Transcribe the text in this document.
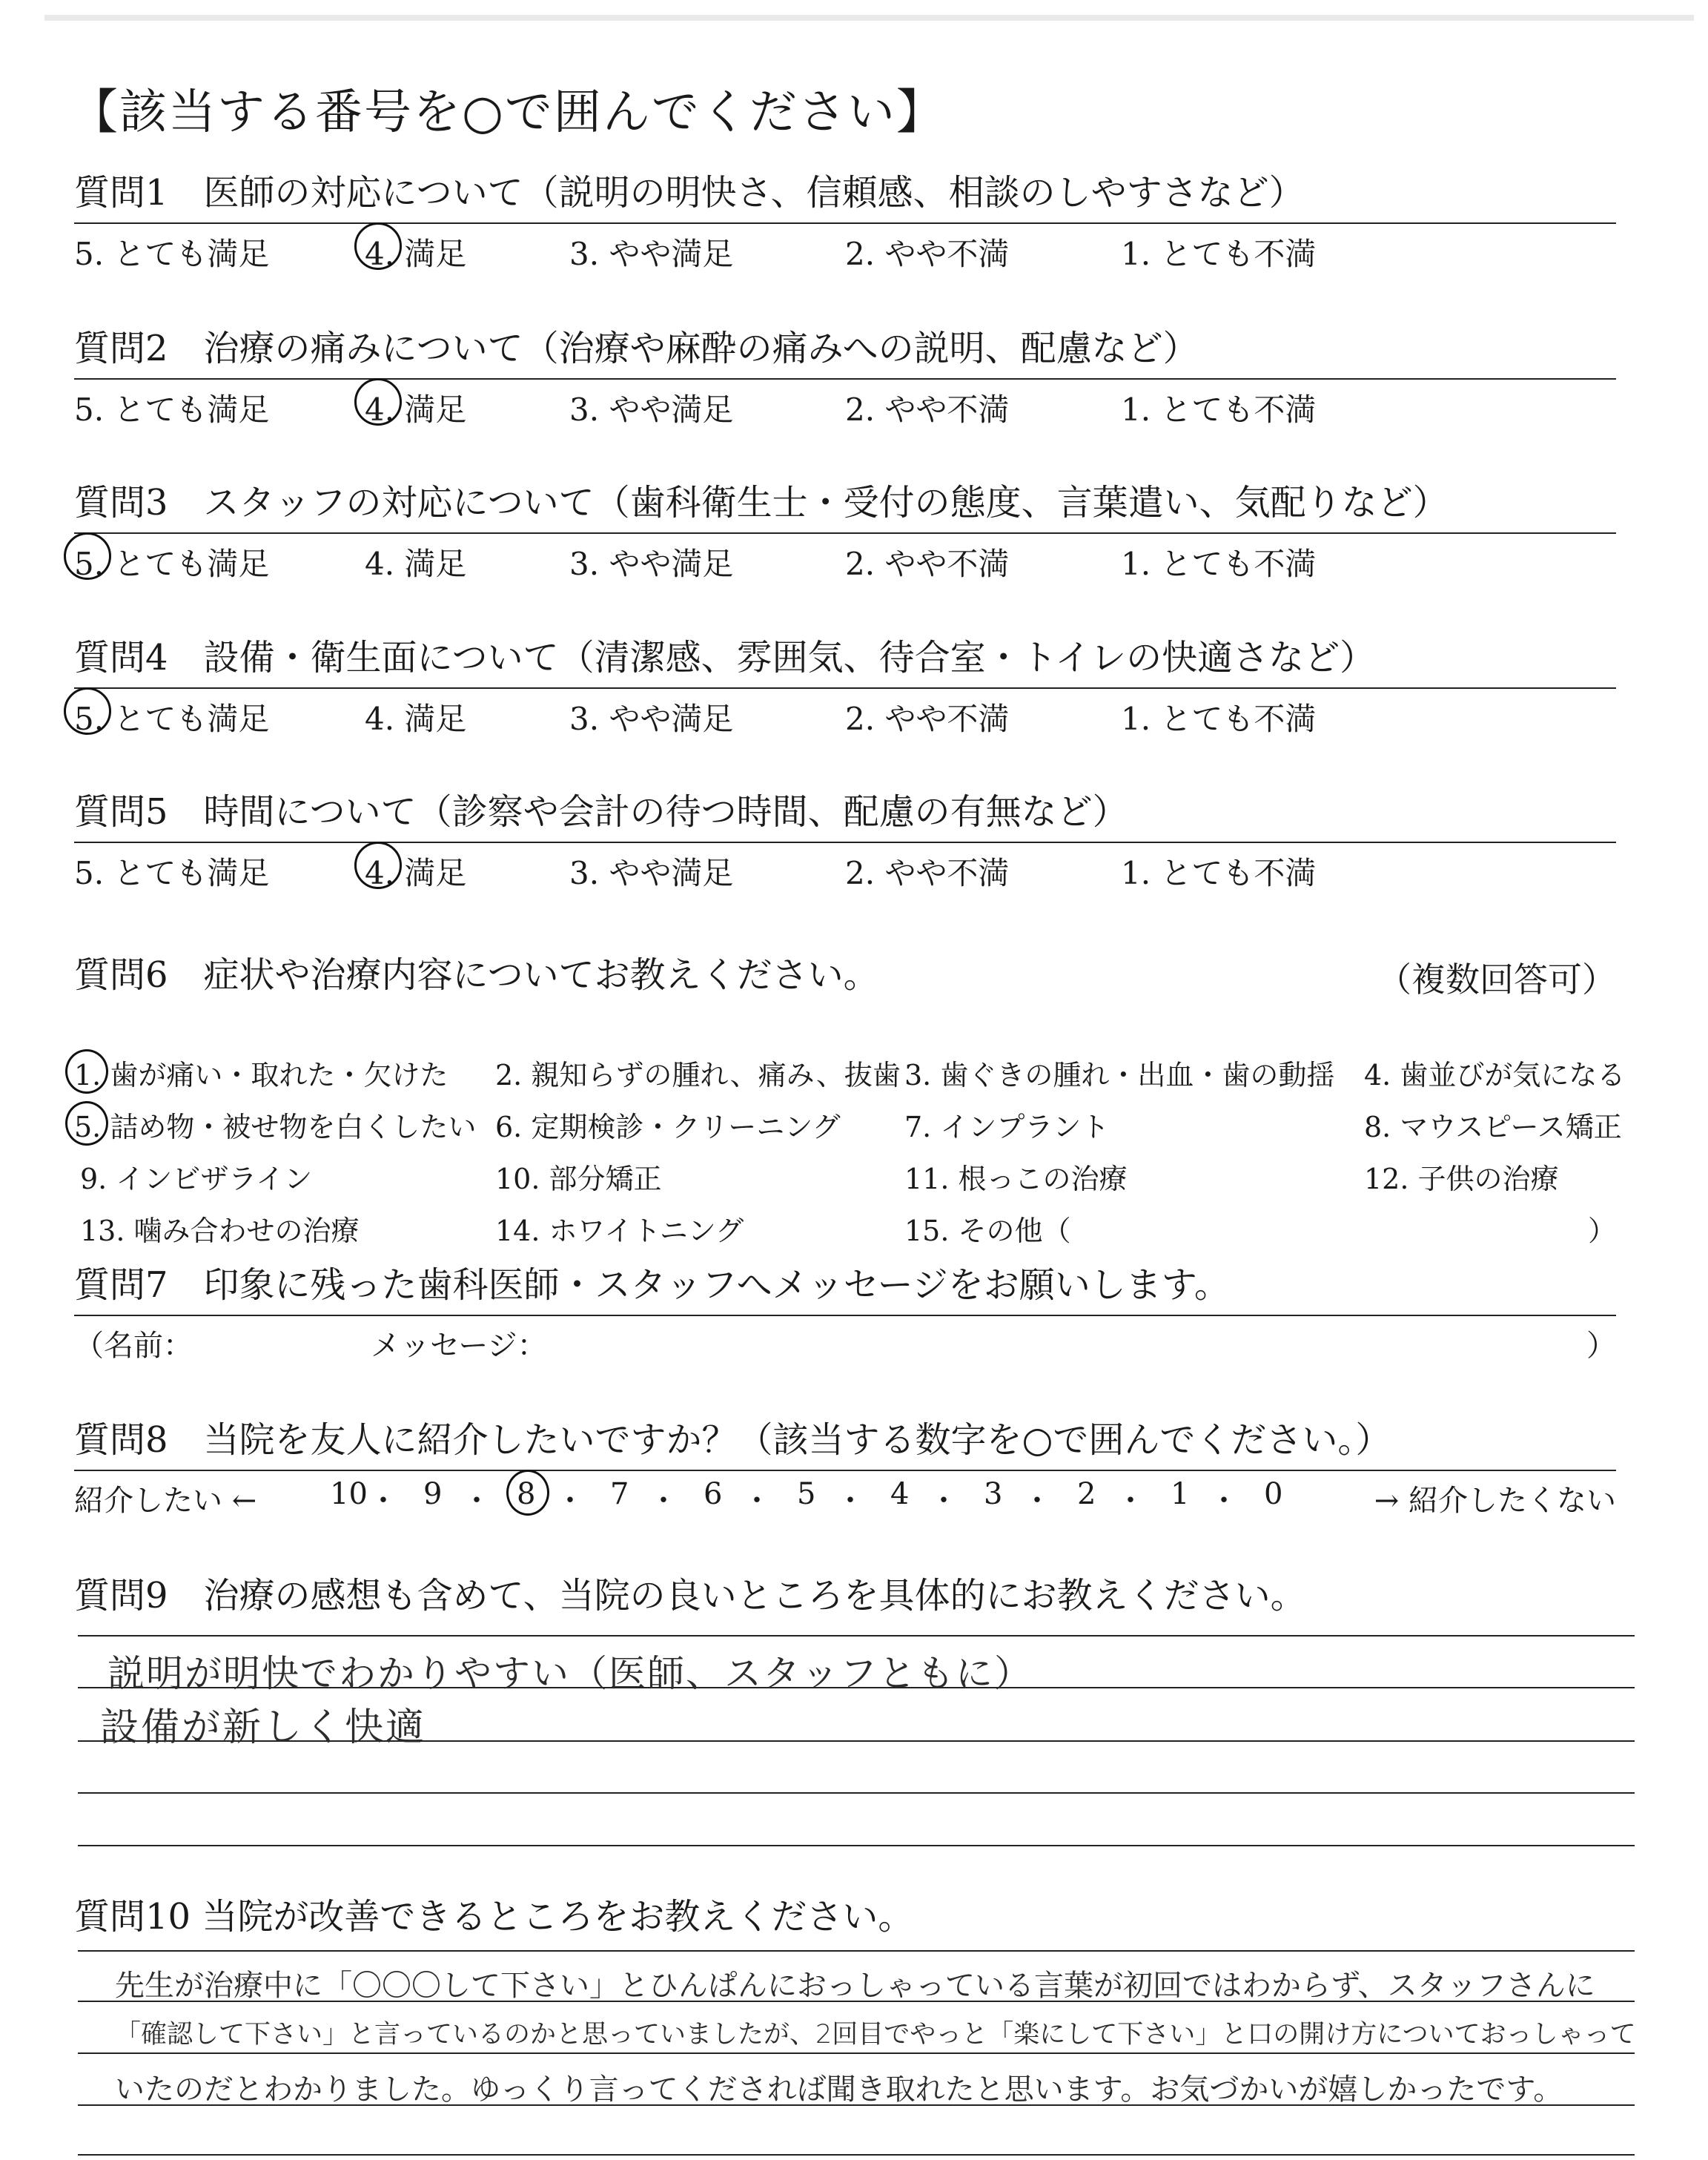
【該当する番号を○で囲んでください】
質問1　医師の対応について（説明の明快さ、信頼感、相談のしやすさなど）
5. とても満足	4. 満足	3. やや満足	2. やや不満	1. とても不満
質問2　治療の痛みについて（治療や麻酔の痛みへの説明、配慮など）
5. とても満足	4. 満足	3. やや満足	2. やや不満	1. とても不満
質問3　スタッフの対応について（歯科衛生士・受付の態度、言葉遣い、気配りなど）
5. とても満足	4. 満足	3. やや満足	2. やや不満	1. とても不満
質問4　設備・衛生面について（清潔感、雰囲気、待合室・トイレの快適さなど）
5. とても満足	4. 満足	3. やや満足	2. やや不満	1. とても不満
質問5　時間について（診察や会計の待つ時間、配慮の有無など）
5. とても満足	4. 満足	3. やや満足	2. やや不満	1. とても不満
質問6　症状や治療内容についてお教えください。	（複数回答可）
1. 歯が痛い・取れた・欠けた 2. 親知らずの腫れ、痛み、抜歯 3. 歯ぐきの腫れ・出血・歯の動揺 4. 歯並びが気になる
5. 詰め物・被せ物を白くしたい 6. 定期検診・クリーニング 7. インプラント	8. マウスピース矯正
9. インビザライン	10. 部分矯正	11. 根っこの治療	12. 子供の治療
13. 噛み合わせの治療	14. ホワイトニング	15. その他（	）
質問7　印象に残った歯科医師・スタッフへメッセージをお願いします。
（名前：	メッセージ：	）
質問8　当院を友人に紹介したいですか？（該当する数字を○で囲んでください。）
紹介したい ←	→ 紹介したくない
10 ・ 9 ・ 8 ・ 7 ・ 6 ・ 5 ・ 4 ・ 3 ・ 2 ・ 1 ・ 0
質問9　治療の感想も含めて、当院の良いところを具体的にお教えください。
説明が明快でわかりやすい（医師、スタッフともに）
設備が新しく快適
質問10 当院が改善できるところをお教えください。
先生が治療中に「〇〇〇して下さい」とひんぱんにおっしゃっている言葉が初回ではわからず、スタッフさんに
「確認して下さい」と言っているのかと思っていましたが、2回目でやっと「楽にして下さい」と口の開け方についておっしゃって
いたのだとわかりました。ゆっくり言ってくだされば聞き取れたと思います。お気づかいが嬉しかったです。
